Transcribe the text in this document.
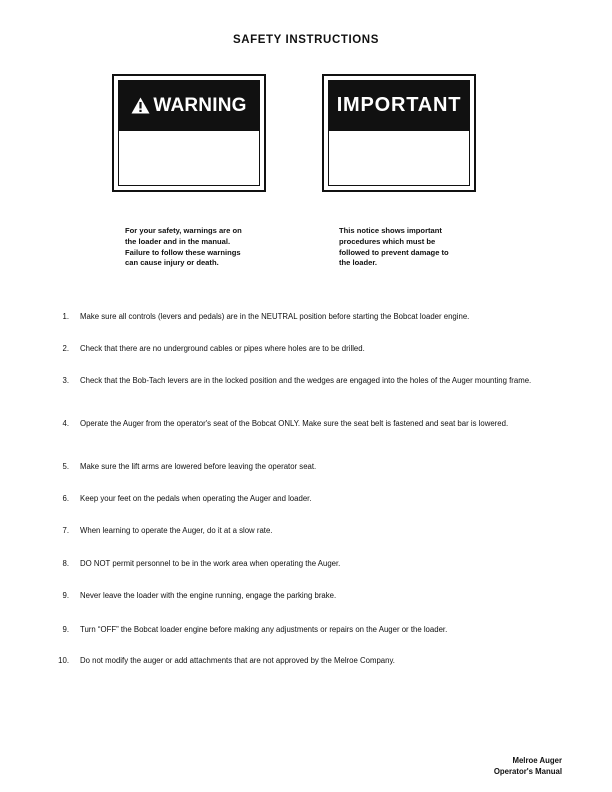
SAFETY INSTRUCTIONS
WARNING	IMPORTANT
For your safety, warnings are on
the loader and in the manual.
Failure to follow these warnings
can cause injury or death.
This notice shows important
procedures which must be
followed to prevent damage to
the loader.
1. Make sure all controls (levers and pedals) are in the NEUTRAL position before starting the Bobcat loader engine.
2. Check that there are no underground cables or pipes where holes are to be drilled.
3. Check that the Bob-Tach levers are in the locked position and the wedges are engaged into the holes of the Auger mounting frame.
4. Operate the Auger from the operator's seat of the Bobcat ONLY. Make sure the seat belt is fastened and seat bar is lowered.
5. Make sure the lift arms are lowered before leaving the operator seat.
6. Keep your feet on the pedals when operating the Auger and loader.
7. When learning to operate the Auger, do it at a slow rate.
8. DO NOT permit personnel to be in the work area when operating the Auger.
9. Never leave the loader with the engine running, engage the parking brake.
9. Turn “OFF” the Bobcat loader engine before making any adjustments or repairs on the Auger or the loader.
10. Do not modify the auger or add attachments that are not approved by the Melroe Company.
Melroe Auger
Operator's Manual
